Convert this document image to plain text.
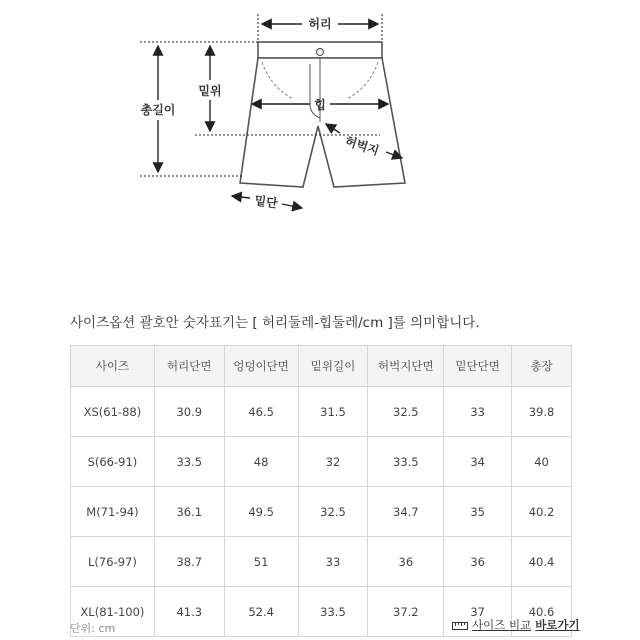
허리
밑위
총길이	힙
허벅지
밑단
사이즈옵션 괄호안 숫자표기는 [ 허리둘레-힙둘레/cm ]를 의미합니다.
사이즈	허리단면	엉덩이단면	밑위길이	허벅지단면	밑단단면	총장
XS(61-88)	30.9	46.5	31.5	32.5	33	39.8
S(66-91)	33.5	48	32	33.5	34	40
M(71-94)	36.1	49.5	32.5	34.7	35	40.2
L(76-97)	38.7	51	33	36	36	40.4
XL(81-100)	41.3	52.4	33.5	37.2	37	40.6
단위: cm	사이즈 비교 바로가기
